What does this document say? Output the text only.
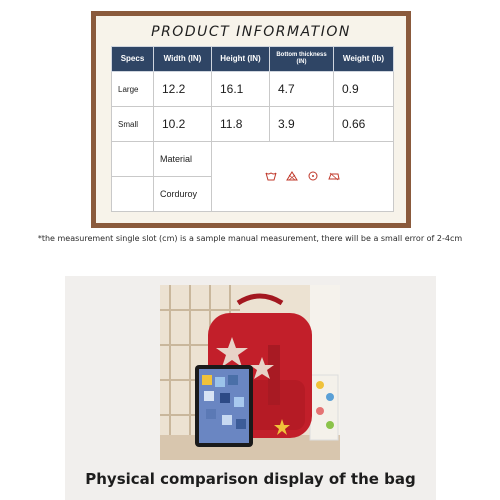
PRODUCT INFORMATION
Specs	Width (IN)	Height (IN)	Bottom thickness (IN)	Weight (lb)
Large	12.2	16.1	4.7	0.9
Small	10.2	11.8	3.9	0.66
	Material	

	Corduroy			
*the measurement single slot (cm) is a sample manual measurement, there will be a small error of 2-4cm
Physical comparison display of the bag
